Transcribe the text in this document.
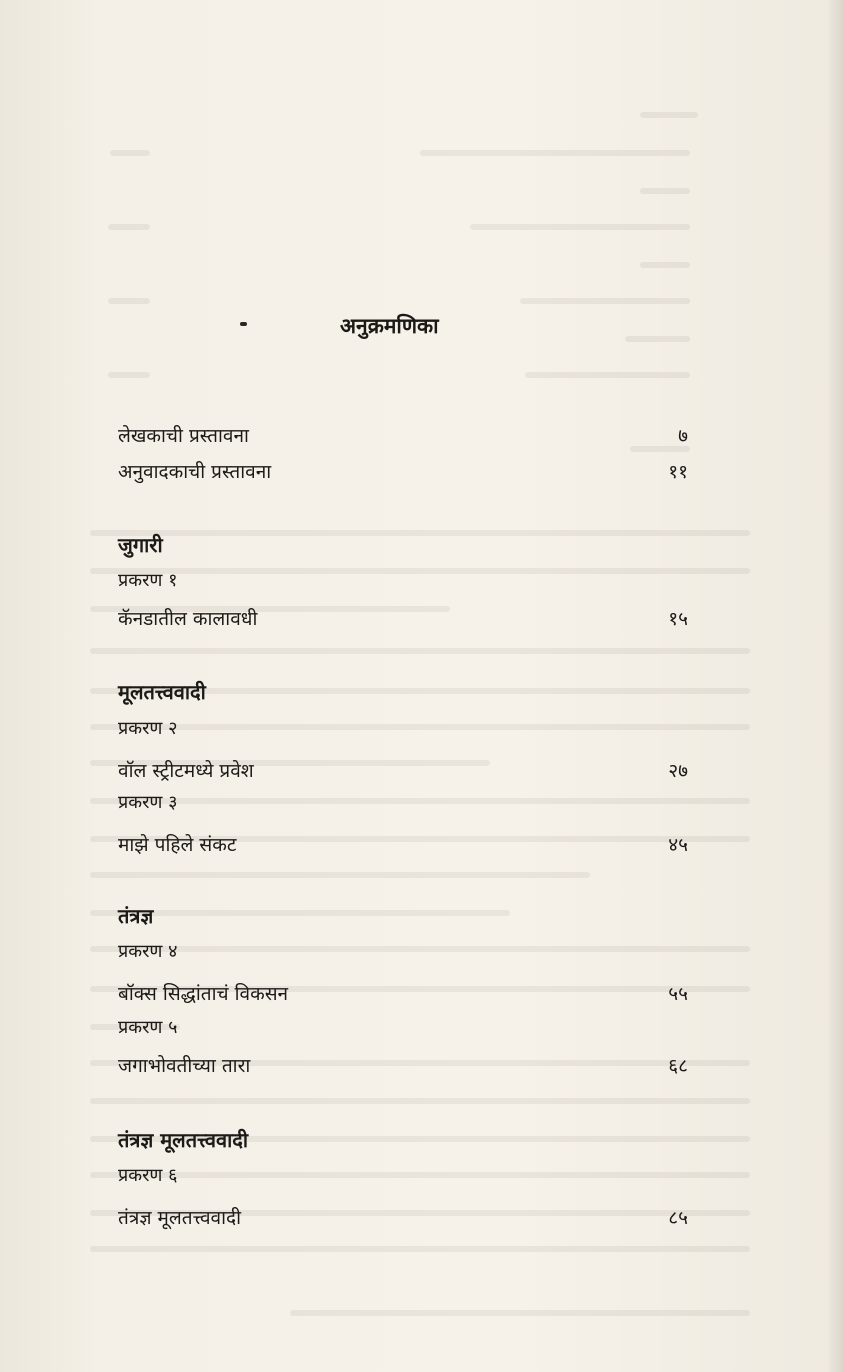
अनुक्रमणिका
लेखकाची प्रस्तावना	७
अनुवादकाची प्रस्तावना	११
जुगारी
प्रकरण १
कॅनडातील कालावधी	१५
मूलतत्त्ववादी
प्रकरण २
वॉल स्ट्रीटमध्ये प्रवेश	२७
प्रकरण ३
माझे पहिले संकट	४५
तंत्रज्ञ
प्रकरण ४
बॉक्स सिद्धांताचं विकसन	५५
प्रकरण ५
जगाभोवतीच्या तारा	६८
तंत्रज्ञ मूलतत्त्ववादी
प्रकरण ६
तंत्रज्ञ मूलतत्त्ववादी	८५
